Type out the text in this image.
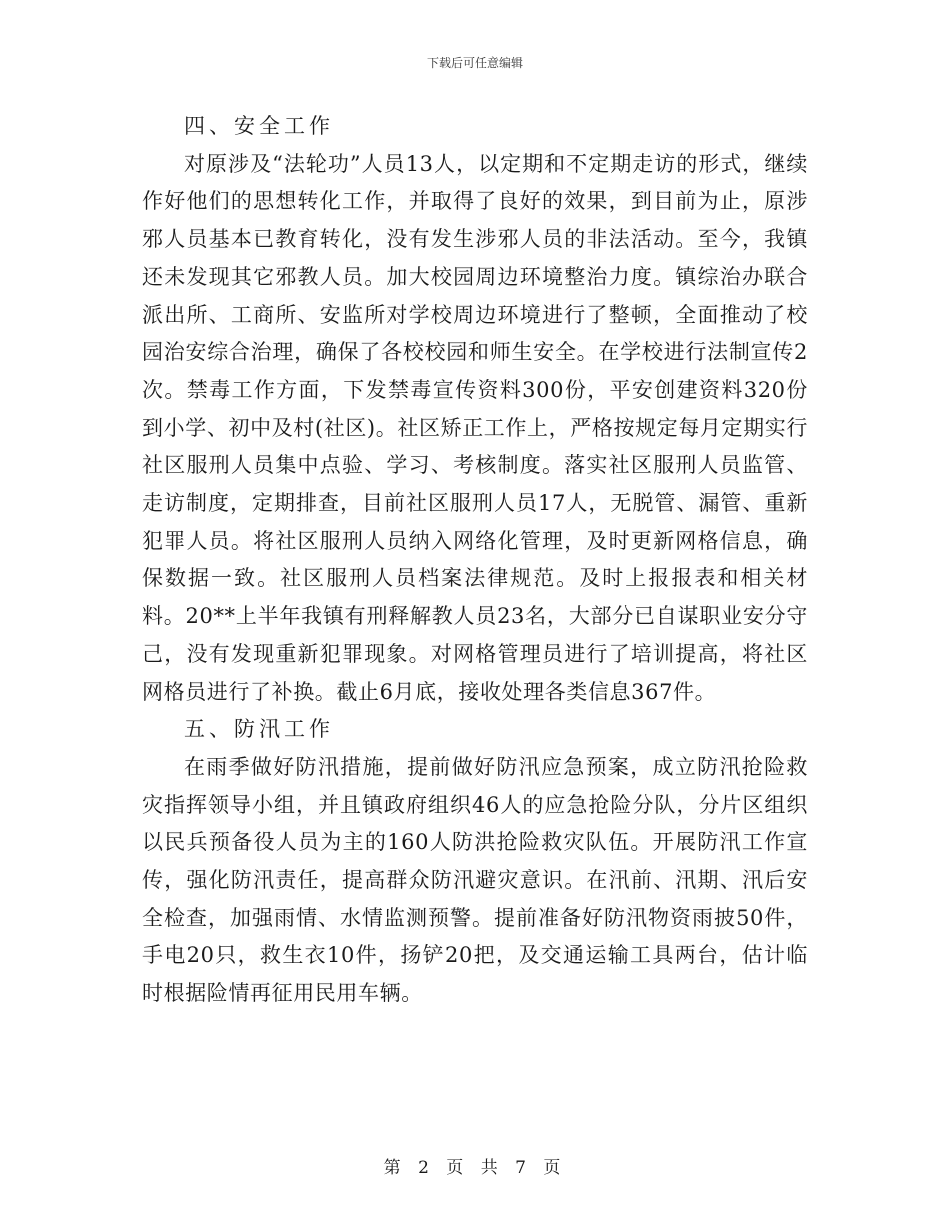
下载后可任意编辑

四、安全工作

对原涉及“法轮功”人员13人，以定期和不定期走访的形式，继续作好他们的思想转化工作，并取得了良好的效果，到目前为止，原涉邪人员基本已教育转化，没有发生涉邪人员的非法活动。至今，我镇还未发现其它邪教人员。加大校园周边环境整治力度。镇综治办联合派出所、工商所、安监所对学校周边环境进行了整顿，全面推动了校园治安综合治理，确保了各校校园和师生安全。在学校进行法制宣传2次。禁毒工作方面，下发禁毒宣传资料300份，平安创建资料320份到小学、初中及村(社区)。社区矫正工作上，严格按规定每月定期实行社区服刑人员集中点验、学习、考核制度。落实社区服刑人员监管、走访制度，定期排查，目前社区服刑人员17人，无脱管、漏管、重新犯罪人员。将社区服刑人员纳入网络化管理，及时更新网格信息，确保数据一致。社区服刑人员档案法律规范。及时上报报表和相关材料。20**上半年我镇有刑释解教人员23名，大部分已自谋职业安分守己，没有发现重新犯罪现象。对网格管理员进行了培训提高，将社区网格员进行了补换。截止6月底，接收处理各类信息367件。

五、防汛工作

在雨季做好防汛措施，提前做好防汛应急预案，成立防汛抢险救灾指挥领导小组，并且镇政府组织46人的应急抢险分队，分片区组织以民兵预备役人员为主的160人防洪抢险救灾队伍。开展防汛工作宣传，强化防汛责任，提高群众防汛避灾意识。在汛前、汛期、汛后安全检查，加强雨情、水情监测预警。提前准备好防汛物资雨披50件，手电20只，救生衣10件，扬铲20把，及交通运输工具两台，估计临时根据险情再征用民用车辆。

第 2 页 共 7 页
